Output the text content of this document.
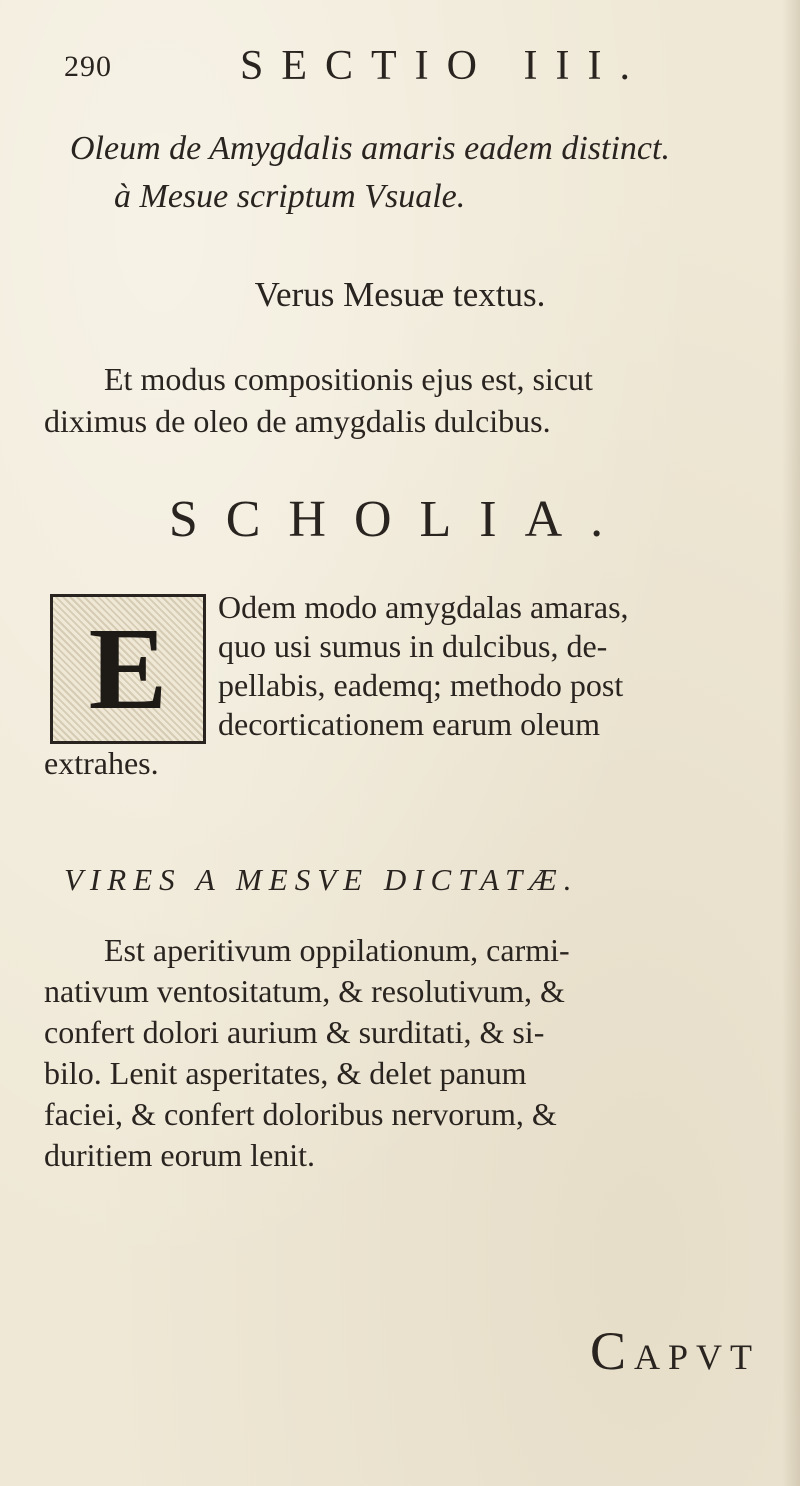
290	SECTIO III.
Oleum de Amygdalis amaris eadem distinct.
à Mesue scriptum Vsuale.
Verus Mesuæ textus.
Et modus compositionis ejus est, sicut
diximus de oleo de amygdalis dulcibus.
SCHOLIA.
E	Odem modo amygdalas amaras,
quo usi sumus in dulcibus, de-
pellabis, eademq; methodo post
decorticationem earum oleum
extrahes.
VIRES A MESVE DICTATÆ.
Est aperitivum oppilationum, carmi-
nativum ventositatum, & resolutivum, &
confert dolori aurium & surditati, & si-
bilo. Lenit asperitates, & delet panum
faciei, & confert doloribus nervorum, &
duritiem eorum lenit.
CAPVT
